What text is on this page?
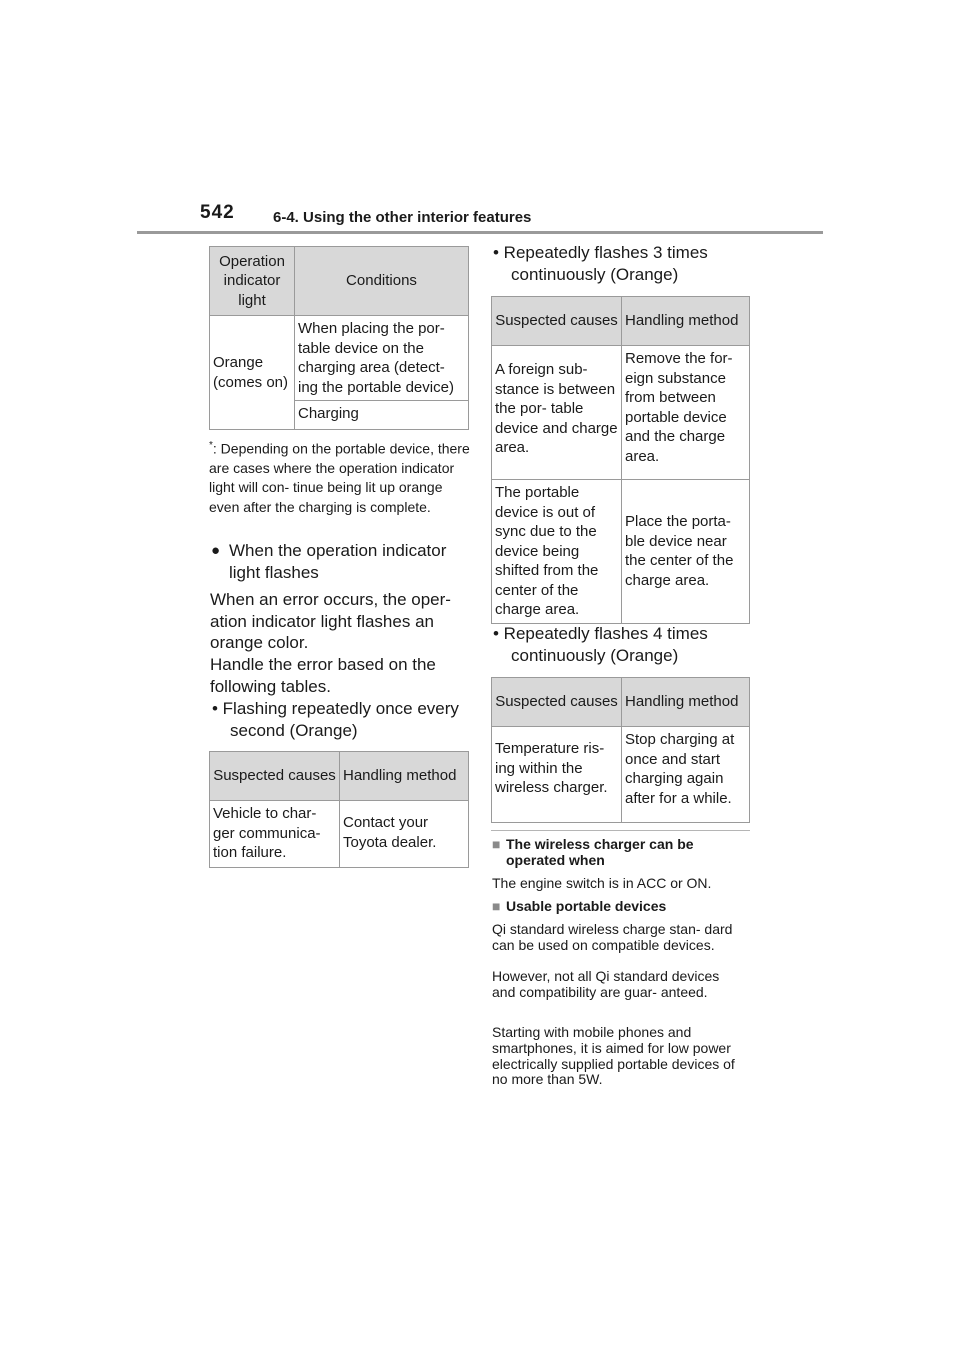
542	6-4. Using the other interior features
Operation indicator light	Conditions
Orange (comes on)	When placing the por- table device on the charging area (detect- ing the portable device)
	Charging
*: Depending on the portable device, there are cases where the operation indicator light will con- tinue being lit up orange even after the charging is complete.
● When the operation indicator light flashes
When an error occurs, the oper- ation indicator light flashes an orange color.
Handle the error based on the following tables.
• Flashing repeatedly once every second (Orange)
Suspected causes	Handling method
Vehicle to char- ger communica- tion failure.	Contact your Toyota dealer.
• Repeatedly flashes 3 times continuously (Orange)
Suspected causes	Handling method
A foreign sub- stance is between the por- table device and charge area.	Remove the for- eign substance from between portable device and the charge area.
The portable device is out of sync due to the device being shifted from the center of the charge area.	Place the porta- ble device near the center of the charge area.
• Repeatedly flashes 4 times continuously (Orange)
Suspected causes	Handling method
Temperature ris- ing within the wireless charger.	Stop charging at once and start charging again after for a while.
■ The wireless charger can be operated when
The engine switch is in ACC or ON.
■ Usable portable devices
Qi standard wireless charge stan- dard can be used on compatible devices.
However, not all Qi standard devices and compatibility are guar- anteed.
Starting with mobile phones and smartphones, it is aimed for low power electrically supplied portable devices of no more than 5W.
